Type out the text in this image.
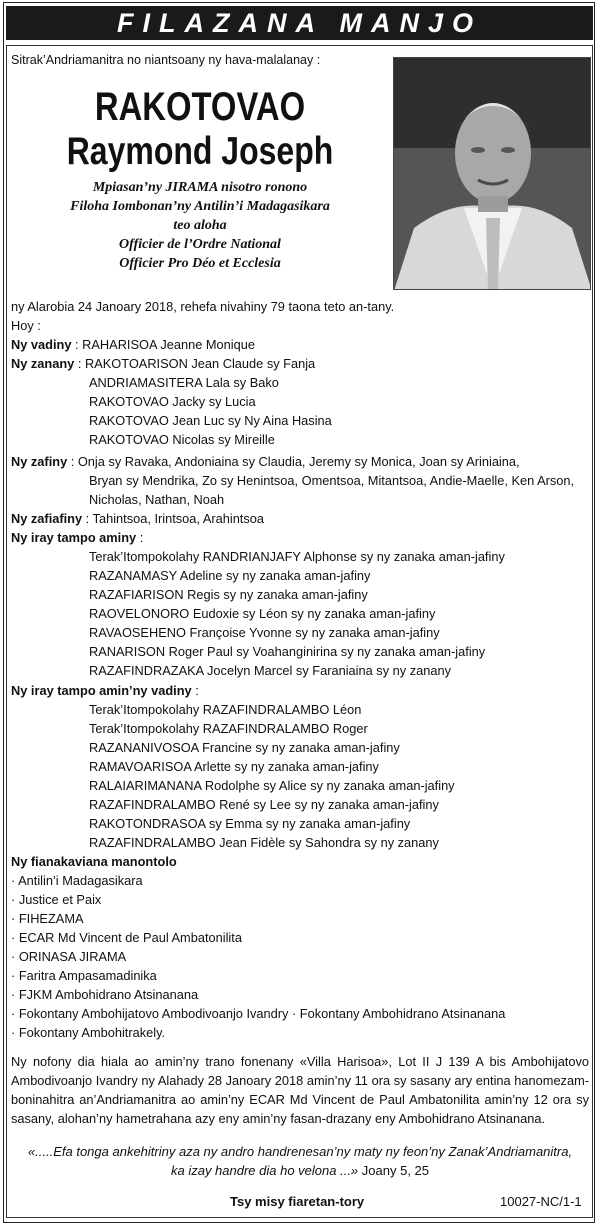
FILAZANA MANJO
Sitrak’Andriamanitra no niantsoany ny hava-malalanay :
RAKOTOVAO
Raymond Joseph
Mpiasan’ny JIRAMA nisotro ronono
Filoha Iombonan’ny Antilin’i Madagasikara
teo aloha
Officier de l’Ordre National
Officier Pro Déo et Ecclesia
ny Alarobia 24 Janoary 2018, rehefa nivahiny 79 taona teto an-tany.
Hoy :
Ny vadiny : RAHARISOA Jeanne Monique
Ny zanany : RAKOTOARISON Jean Claude sy Fanja
ANDRIAMASITERA Lala sy Bako
RAKOTOVAO Jacky sy Lucia
RAKOTOVAO Jean Luc sy Ny Aina Hasina
RAKOTOVAO Nicolas sy Mireille
Ny zafiny : Onja sy Ravaka, Andoniaina sy Claudia, Jeremy sy Monica, Joan sy Ariniaina,
Bryan sy Mendrika, Zo sy Henintsoa, Omentsoa, Mitantsoa, Andie-Maelle, Ken Arson,
Nicholas, Nathan, Noah
Ny zafiafiny : Tahintsoa, Irintsoa, Arahintsoa
Ny iray tampo aminy :
Terak’Itompokolahy RANDRIANJAFY Alphonse sy ny zanaka aman-jafiny
RAZANAMASY Adeline sy ny zanaka aman-jafiny
RAZAFIARISON Regis sy ny zanaka aman-jafiny
RAOVELONORO Eudoxie sy Léon sy ny zanaka aman-jafiny
RAVAOSEHENO Françoise Yvonne sy ny zanaka aman-jafiny
RANARISON Roger Paul sy Voahanginirina sy ny zanaka aman-jafiny
RAZAFINDRAZAKA Jocelyn Marcel sy Faraniaina sy ny zanany
Ny iray tampo amin’ny vadiny :
Terak’Itompokolahy RAZAFINDRALAMBO Léon
Terak’Itompokolahy RAZAFINDRALAMBO Roger
RAZANANIVOSOA Francine sy ny zanaka aman-jafiny
RAMAVOARISOA Arlette sy ny zanaka aman-jafiny
RALAIARIMANANA Rodolphe sy Alice sy ny zanaka aman-jafiny
RAZAFINDRALAMBO René sy Lee sy ny zanaka aman-jafiny
RAKOTONDRASOA sy Emma sy ny zanaka aman-jafiny
RAZAFINDRALAMBO Jean Fidèle sy Sahondra sy ny zanany
Ny fianakaviana manontolo
· Antilin’i Madagasikara
· Justice et Paix
· FIHEZAMA
· ECAR Md Vincent de Paul Ambatonilita
· ORINASA JIRAMA
· Faritra Ampasamadinika
· FJKM Ambohidrano Atsinanana
· Fokontany Ambohijatovo Ambodivoanjo Ivandry · Fokontany Ambohidrano Atsinanana
· Fokontany Ambohitrakely.
Ny nofony dia hiala ao amin’ny trano fonenany «Villa Harisoa», Lot II J 139 A bis Ambohijatovo
Ambodivoanjo Ivandry ny Alahady 28 Janoary 2018 amin’ny 11 ora sy sasany ary entina hanomezam-
boninahitra an’Andriamanitra ao amin’ny ECAR Md Vincent de Paul Ambatonilita amin’ny 12 ora sy
sasany, alohan’ny hametrahana azy eny amin’ny fasan-drazany eny Ambohidrano Atsinanana.
«.....Efa tonga ankehitriny aza ny andro handrenesan’ny maty ny feon’ny Zanak’Andriamanitra,
ka izay handre dia ho velona ...» Joany 5, 25
Tsy misy fiaretan-tory	10027-NC/1-1
